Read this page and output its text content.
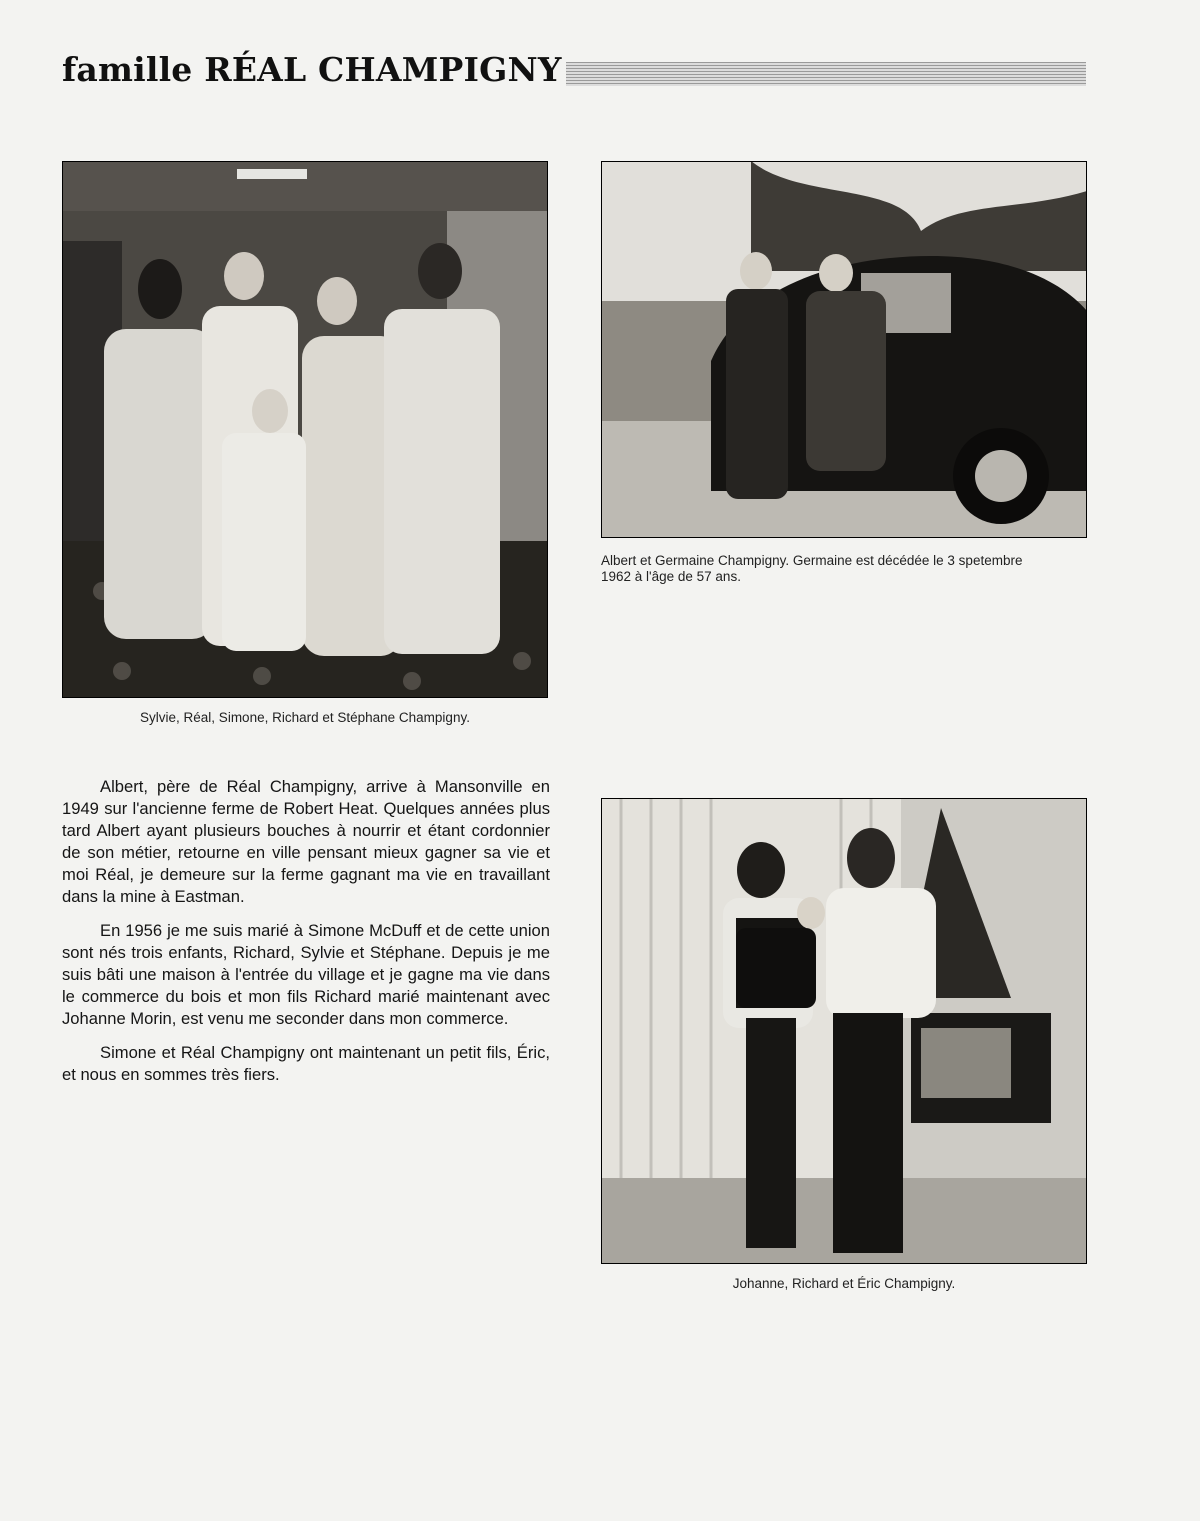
famille RÉAL CHAMPIGNY
Sylvie, Réal, Simone, Richard et Stéphane Champigny.
Albert et Germaine Champigny. Germaine est décédée le 3 spetembre
1962 à l'âge de 57 ans.
Johanne, Richard et Éric Champigny.

Albert, père de Réal Champigny, arrive à Mansonville en 1949 sur l'ancienne ferme de Robert Heat. Quelques années plus tard Albert ayant plusieurs bouches à nourrir et étant cordonnier de son métier, retourne en ville pensant mieux gagner sa vie et moi Réal, je demeure sur la ferme gagnant ma vie en travaillant dans la mine à Eastman.

En 1956 je me suis marié à Simone McDuff et de cette union sont nés trois enfants, Richard, Sylvie et Stéphane. Depuis je me suis bâti une maison à l'entrée du village et je gagne ma vie dans le commerce du bois et mon fils Richard marié maintenant avec Johanne Morin, est venu me seconder dans mon commerce.

Simone et Réal Champigny ont maintenant un petit fils, Éric, et nous en sommes très fiers.
